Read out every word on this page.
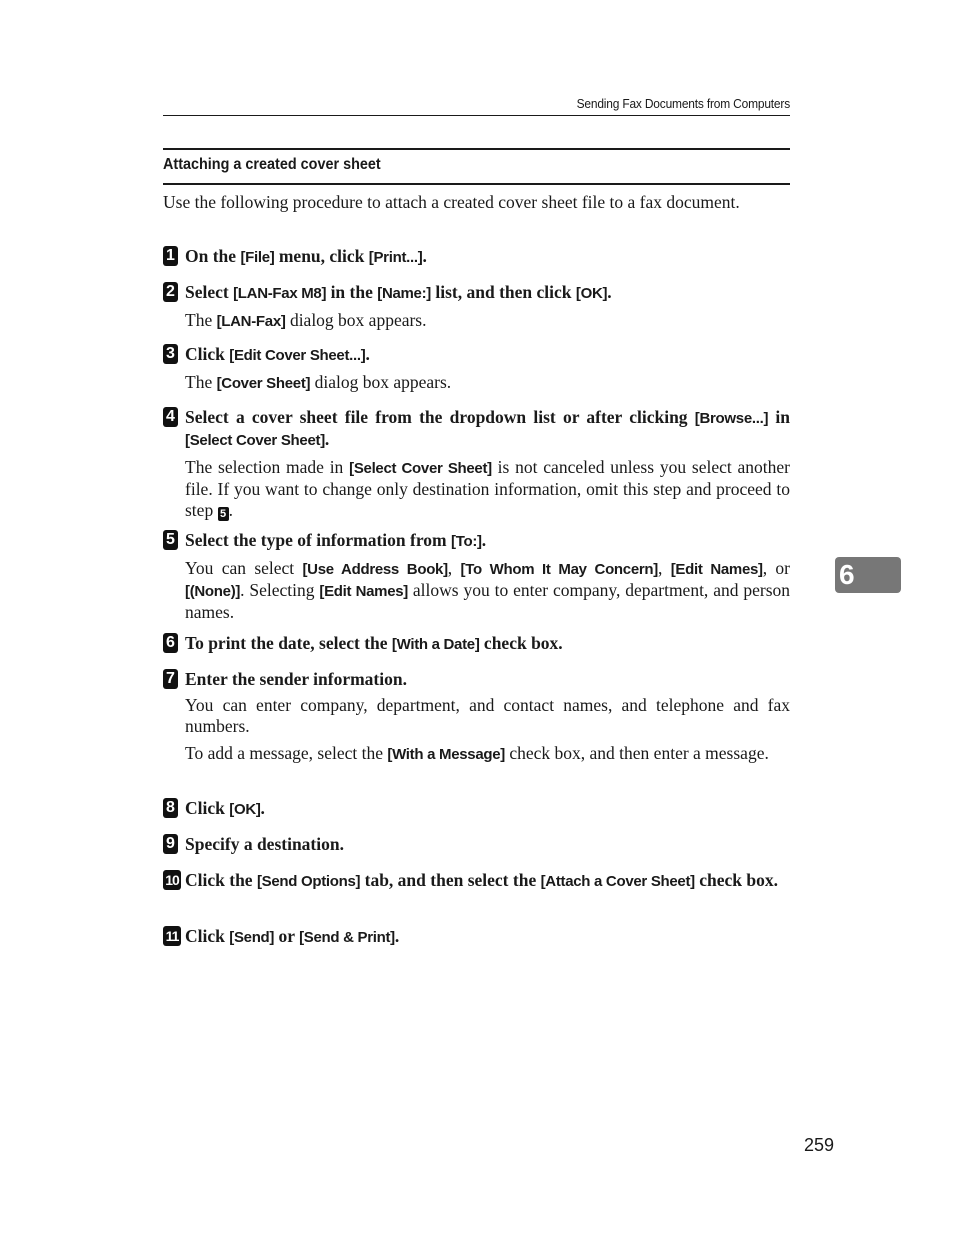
Sending Fax Documents from Computers
Attaching a created cover sheet
Use the following procedure to attach a created cover sheet file to a fax document.
1 On the [File] menu, click [Print...].
2 Select [LAN-Fax M8] in the [Name:] list, and then click [OK].
The [LAN-Fax] dialog box appears.
3 Click [Edit Cover Sheet...].
The [Cover Sheet] dialog box appears.
4 Select a cover sheet file from the dropdown list or after clicking [Browse...] in [Select Cover Sheet].
The selection made in [Select Cover Sheet] is not canceled unless you select another file. If you want to change only destination information, omit this step and proceed to step 5 .
5 Select the type of information from [To:].
You can select [Use Address Book], [To Whom It May Concern], [Edit Names], or [(None)]. Selecting [Edit Names] allows you to enter company, department, and person names.
6 To print the date, select the [With a Date] check box.
7 Enter the sender information.
You can enter company, department, and contact names, and telephone and fax numbers.
To add a message, select the [With a Message] check box, and then enter a message.
8 Click [OK].
9 Specify a destination.
10 Click the [Send Options] tab, and then select the [Attach a Cover Sheet] check box.
11 Click [Send] or [Send & Print].
6
259
